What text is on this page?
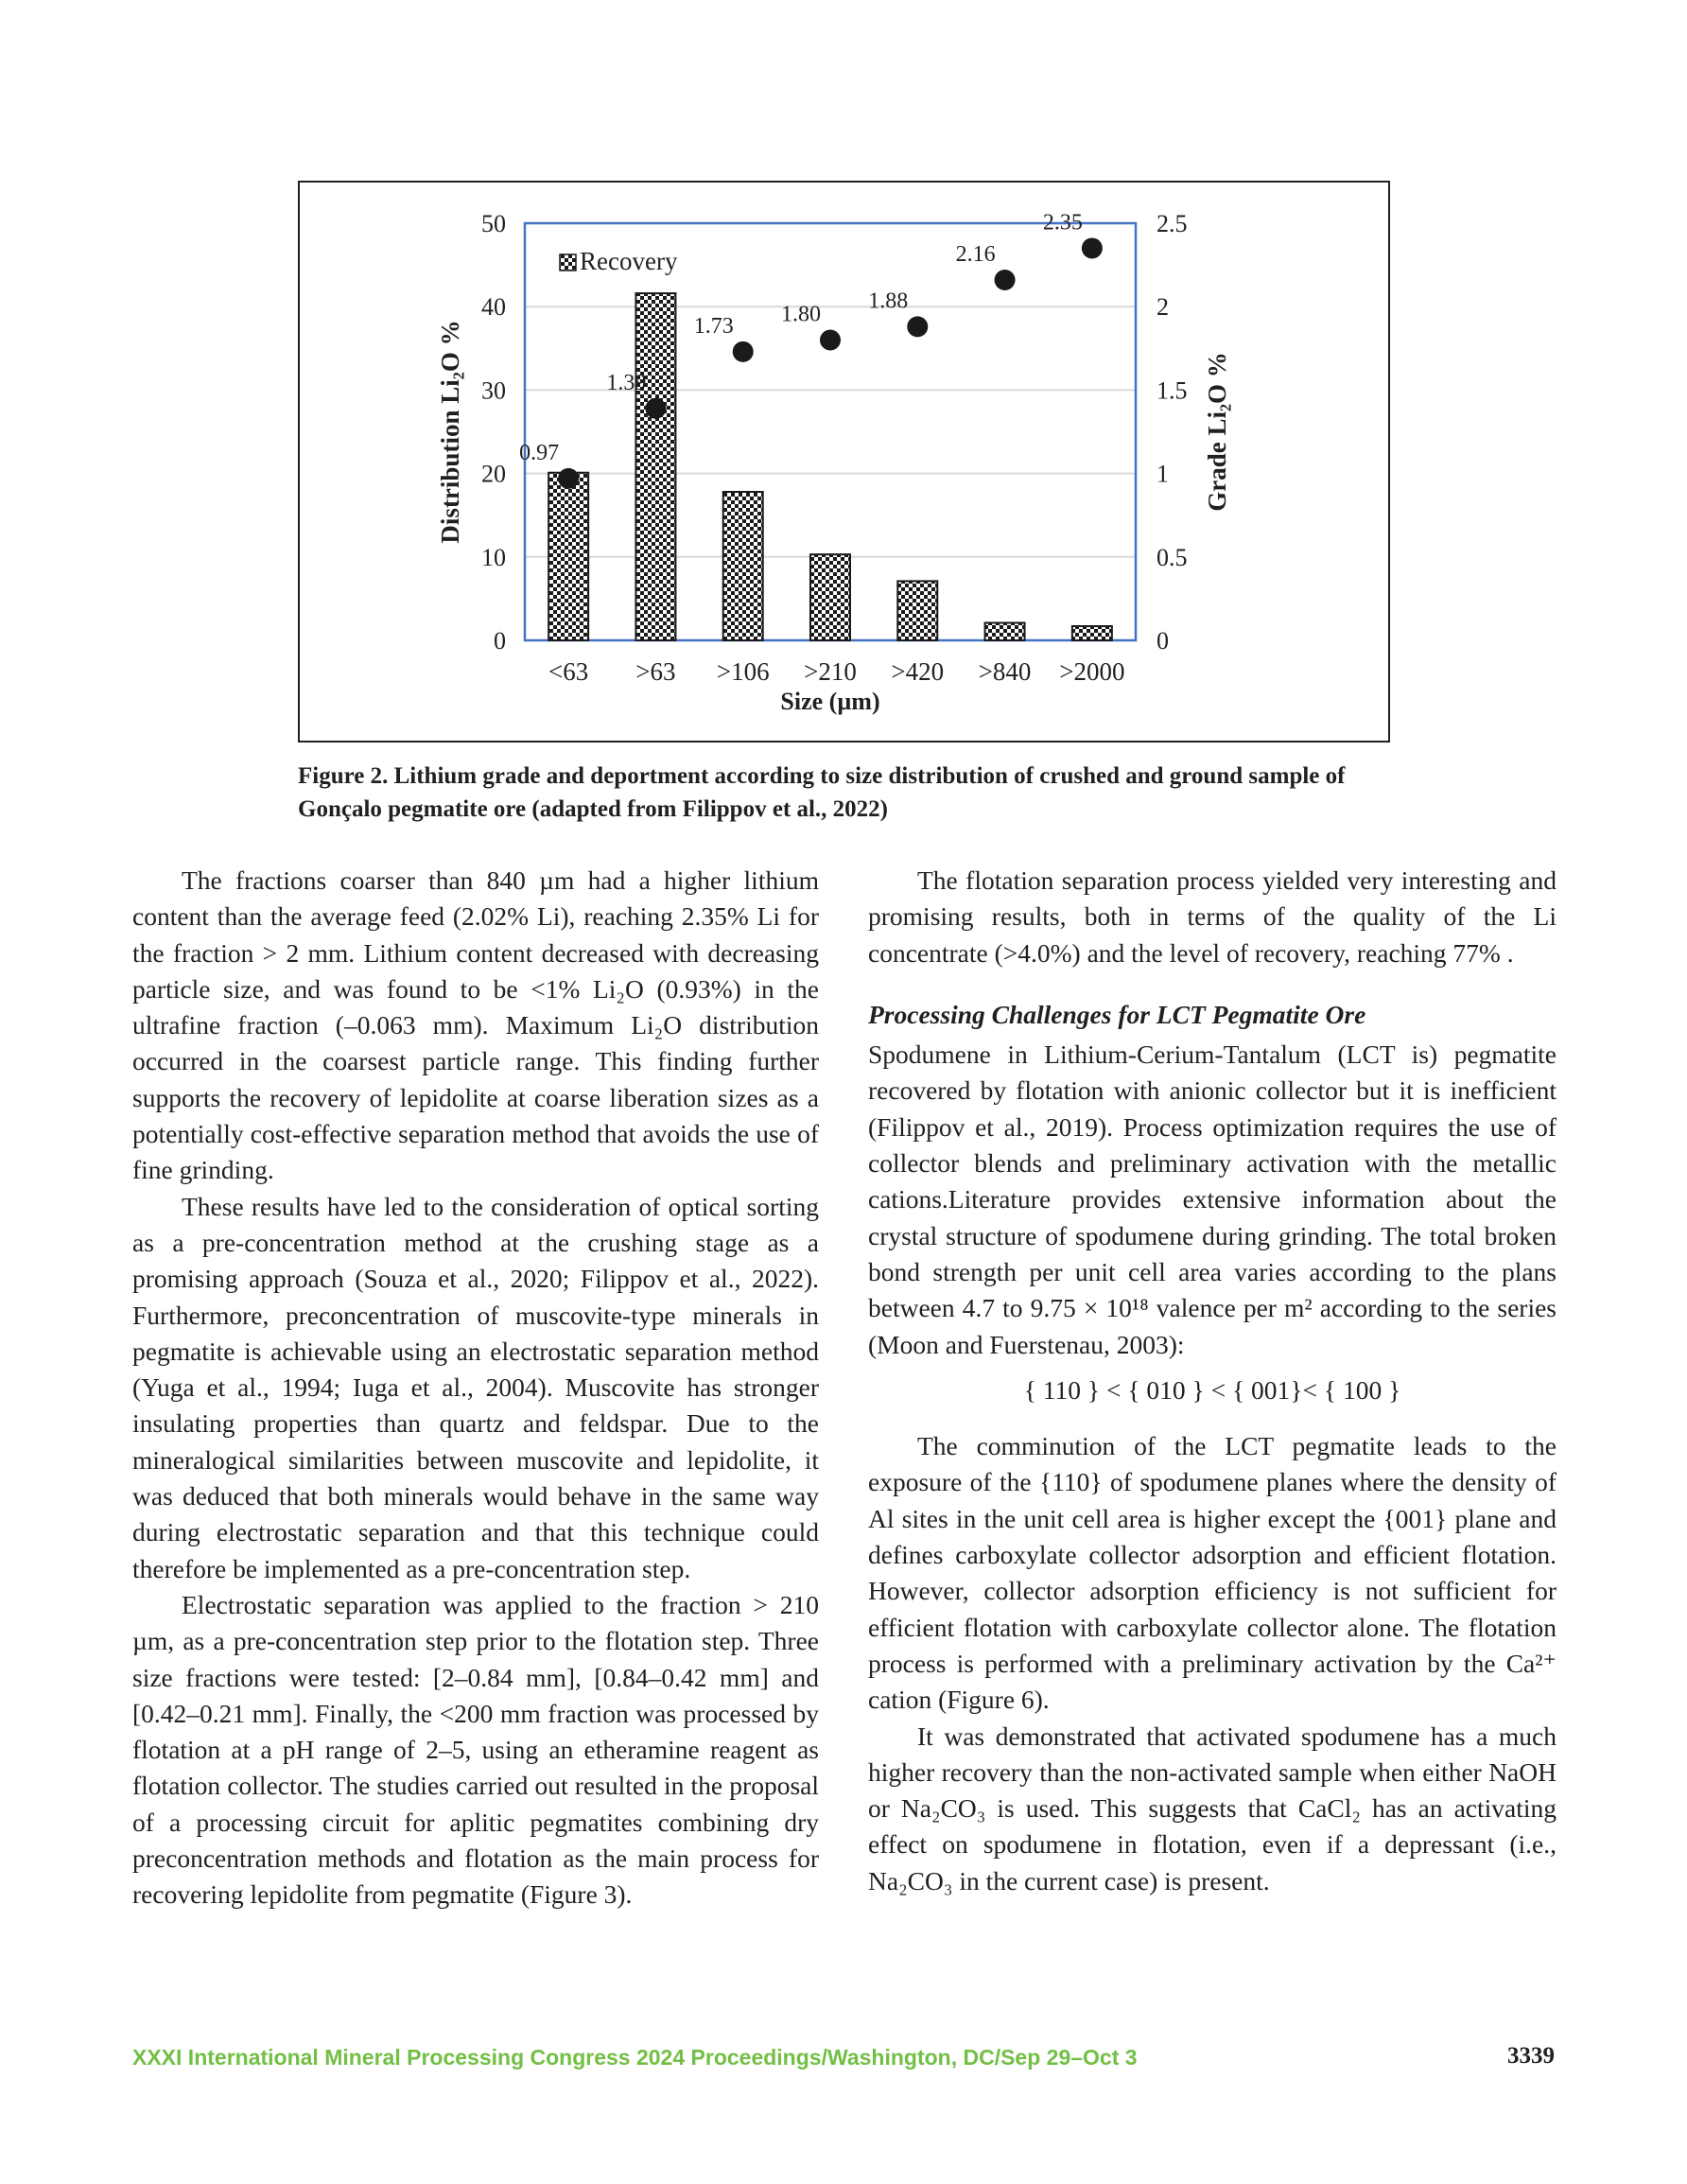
0
10
20
30
40
50
0
0.5
1
1.5
2
2.5
<63 >63 >106 >210 >420 >840 >2000
0.97
1.39
1.73 1.80
1.88
2.16
2.35
Recovery
Size (µm)
Distribution Li₂O %	Grade Li₂O %
Figure 2. Lithium grade and deportment according to size distribution of crushed and ground sample of Gonçalo pegmatite ore (adapted from Filippov et al., 2022)

The fractions coarser than 840 µm had a higher lithium content than the average feed (2.02% Li), reaching 2.35% Li for the fraction > 2 mm. Lithium content decreased with decreasing particle size, and was found to be <1% Li₂O (0.93%) in the ultrafine fraction (–0.063 mm). Maximum Li₂O distribution occurred in the coarsest particle range. This finding further supports the recovery of lepidolite at coarse liberation sizes as a potentially cost-effective separation method that avoids the use of fine grinding.

These results have led to the consideration of optical sorting as a pre-concentration method at the crushing stage as a promising approach (Souza et al., 2020; Filippov et al., 2022). Furthermore, preconcentration of muscovite-type minerals in pegmatite is achievable using an electrostatic separation method (Yuga et al., 1994; Iuga et al., 2004). Muscovite has stronger insulating properties than quartz and feldspar. Due to the mineralogical similarities between muscovite and lepidolite, it was deduced that both minerals would behave in the same way during electrostatic separation and that this technique could therefore be implemented as a pre-concentration step.

Electrostatic separation was applied to the fraction > 210 µm, as a pre-concentration step prior to the flotation step. Three size fractions were tested: [2–0.84 mm], [0.84–0.42 mm] and [0.42–0.21 mm]. Finally, the <200 mm fraction was processed by flotation at a pH range of 2–5, using an etheramine reagent as flotation collector. The studies carried out resulted in the proposal of a processing circuit for aplitic pegmatites combining dry preconcentration methods and flotation as the main process for recovering lepidolite from pegmatite (Figure 3).

The flotation separation process yielded very interesting and promising results, both in terms of the quality of the Li concentrate (>4.0%) and the level of recovery, reaching 77% .

Processing Challenges for LCT Pegmatite Ore

Spodumene in Lithium-Cerium-Tantalum (LCT is) pegmatite recovered by flotation with anionic collector but it is inefficient (Filippov et al., 2019). Process optimization requires the use of collector blends and preliminary activation with the metallic cations.Literature provides extensive information about the crystal structure of spodumene during grinding. The total broken bond strength per unit cell area varies according to the plans between 4.7 to 9.75 × 10¹⁸ valence per m² according to the series (Moon and Fuerstenau, 2003):

{ 110 } < { 010 } < { 001}< { 100 }

The comminution of the LCT pegmatite leads to the exposure of the {110} of spodumene planes where the density of Al sites in the unit cell area is higher except the {001} plane and defines carboxylate collector adsorption and efficient flotation. However, collector adsorption efficiency is not sufficient for efficient flotation with carboxylate collector alone. The flotation process is performed with a preliminary activation by the Ca²⁺ cation (Figure 6).

It was demonstrated that activated spodumene has a much higher recovery than the non-activated sample when either NaOH or Na₂CO₃ is used. This suggests that CaCl₂ has an activating effect on spodumene in flotation, even if a depressant (i.e., Na₂CO₃ in the current case) is present.

XXXI International Mineral Processing Congress 2024 Proceedings/Washington, DC/Sep 29–Oct 3	3339
